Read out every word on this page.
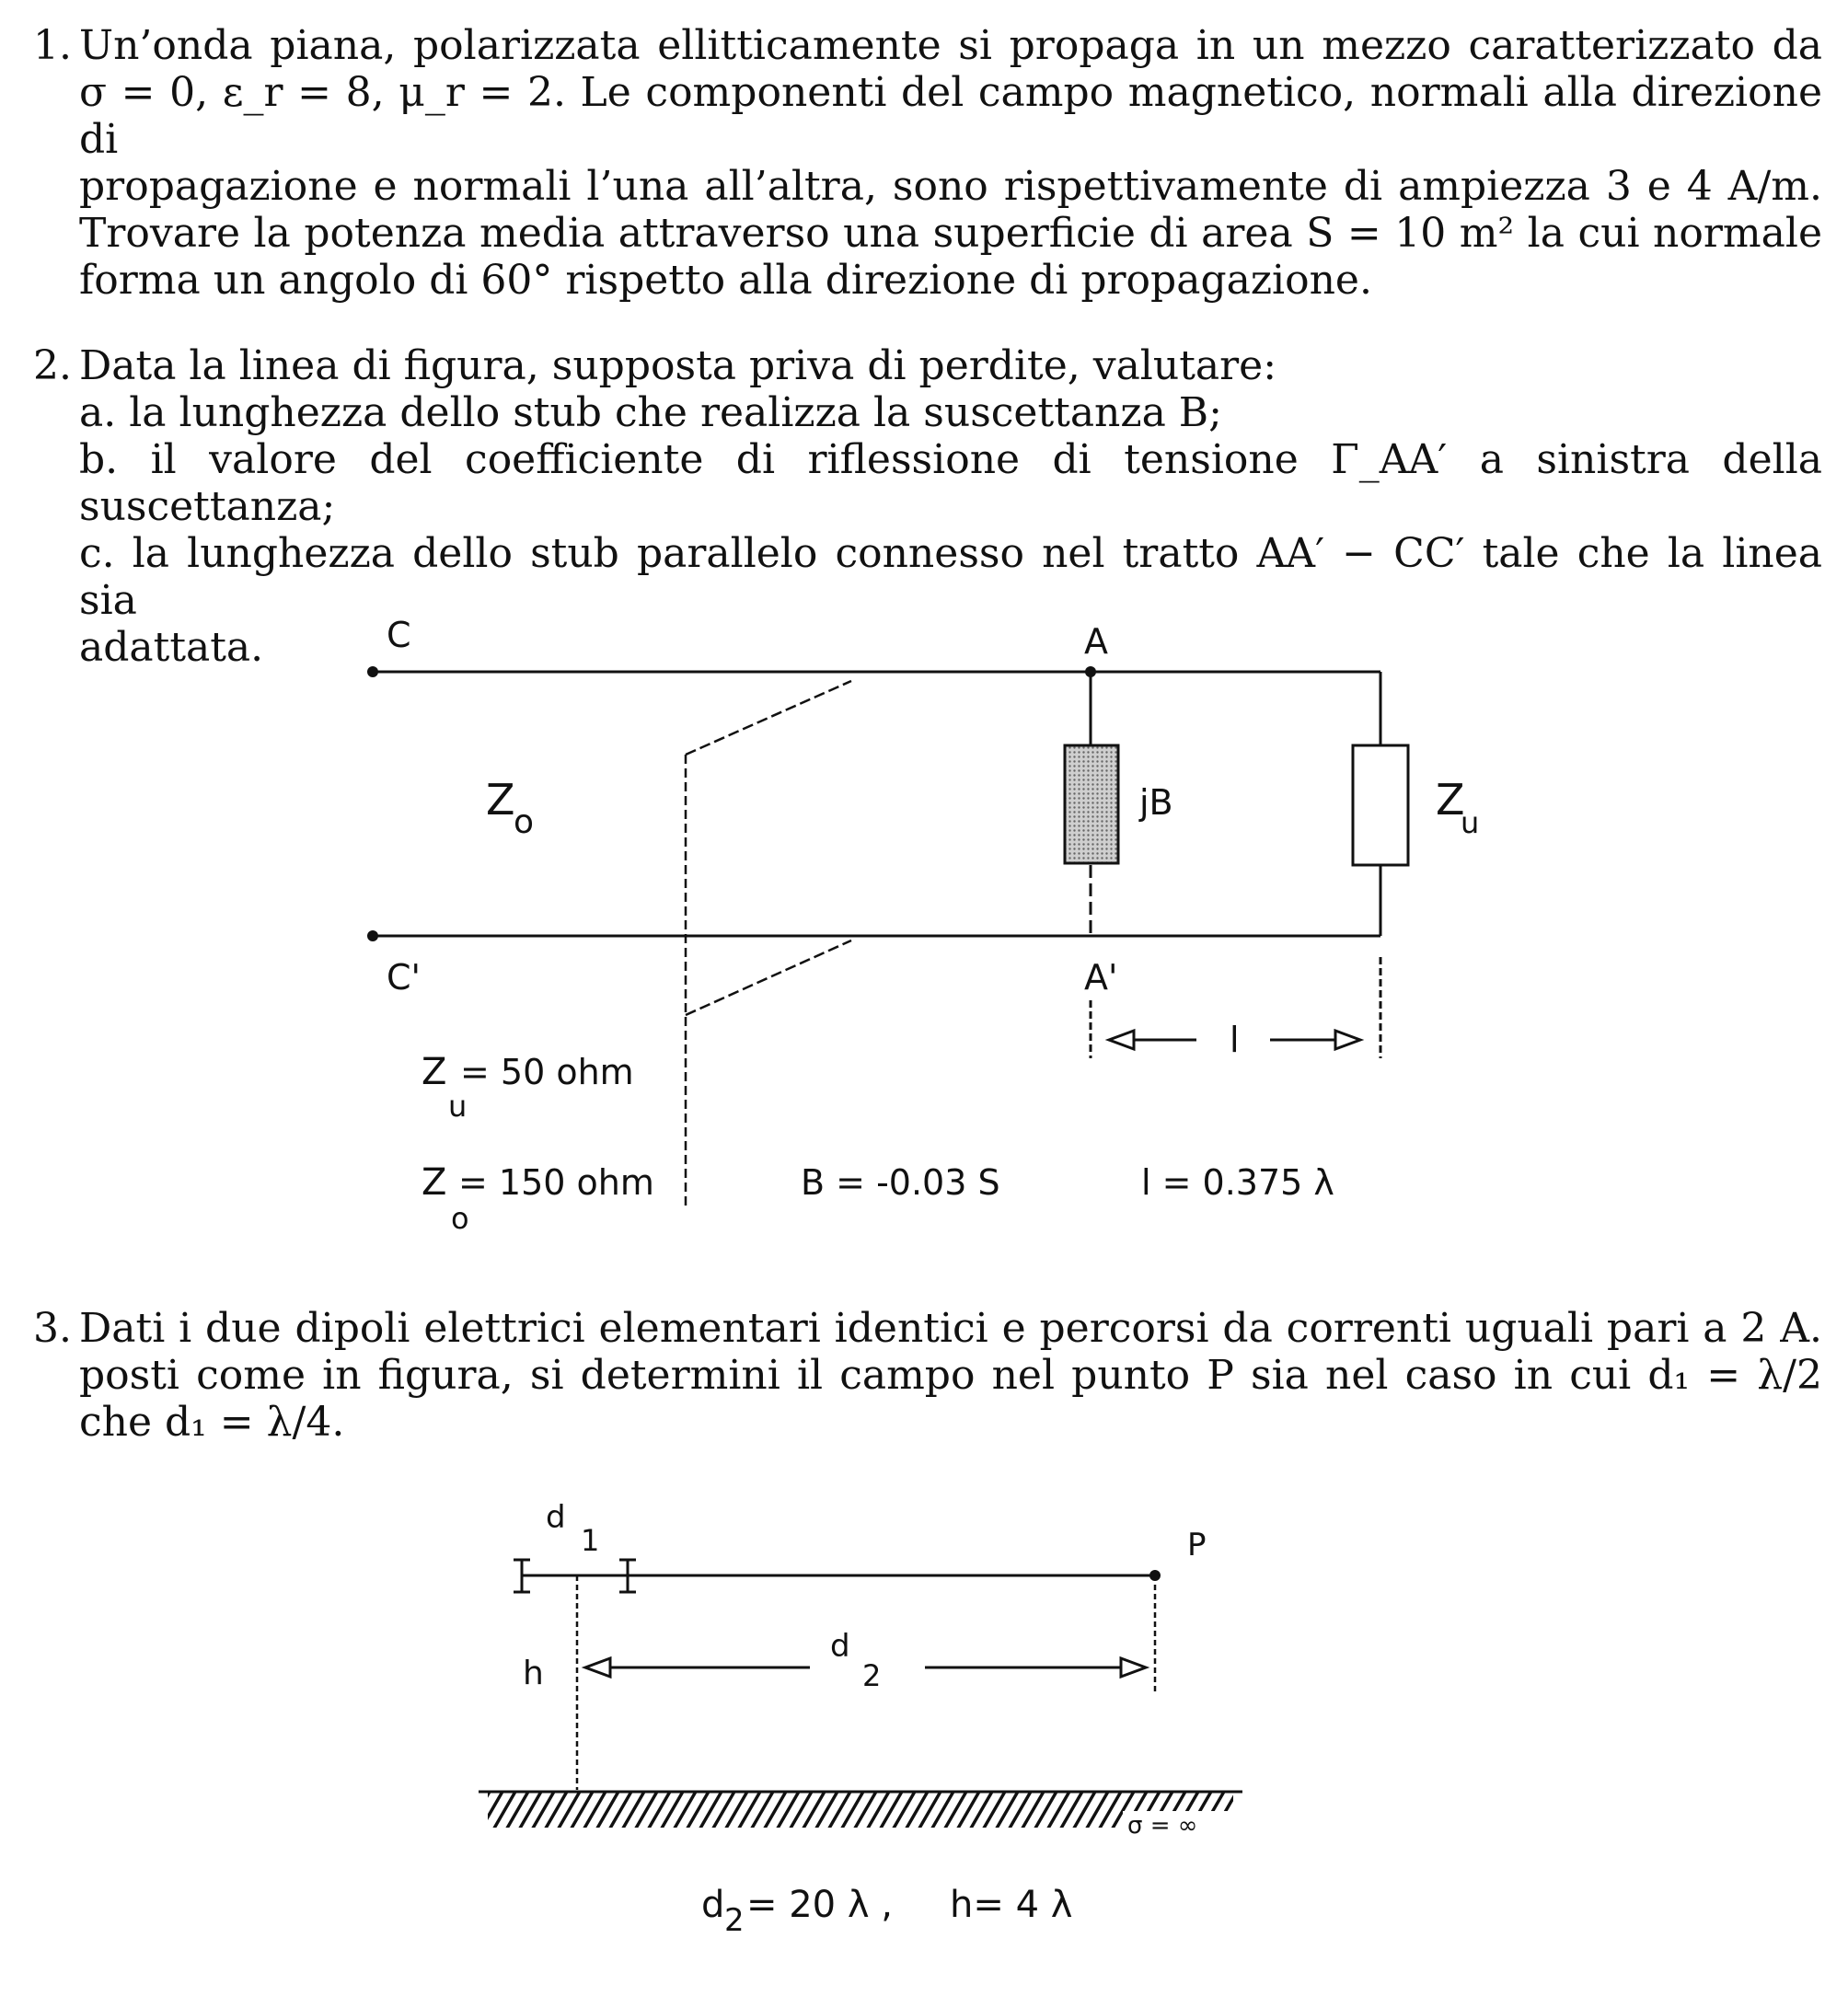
1. Un’onda piana, polarizzata ellitticamente si propaga in un mezzo caratterizzato da
σ = 0, ε_r = 8, μ_r = 2. Le componenti del campo magnetico, normali alla direzione di
propagazione e normali l’una all’altra, sono rispettivamente di ampiezza 3 e 4 A/m.
Trovare la potenza media attraverso una superficie di area S = 10 m² la cui normale
forma un angolo di 60° rispetto alla direzione di propagazione.
2. Data la linea di figura, supposta priva di perdite, valutare:
a. la lunghezza dello stub che realizza la suscettanza B;
b. il valore del coefficiente di riflessione di tensione Γ_AA′ a sinistra della suscettanza;
c. la lunghezza dello stub parallelo connesso nel tratto AA′ − CC′ tale che la linea sia
adattata.	C	A
C'	A'
Z
o	jB	Z
u
l
Z = 50 ohm
u
Z = 150 ohm
o
B = -0.03 S	l = 0.375 λ
3. Dati i due dipoli elettrici elementari identici e percorsi da correnti uguali pari a 2 A.
posti come in figura, si determini il campo nel punto P sia nel caso in cui d₁ = λ/2
che d₁ = λ/4.
d
1	P
h
d
2
σ = ∞
d 2 = 20 λ , h= 4 λ
